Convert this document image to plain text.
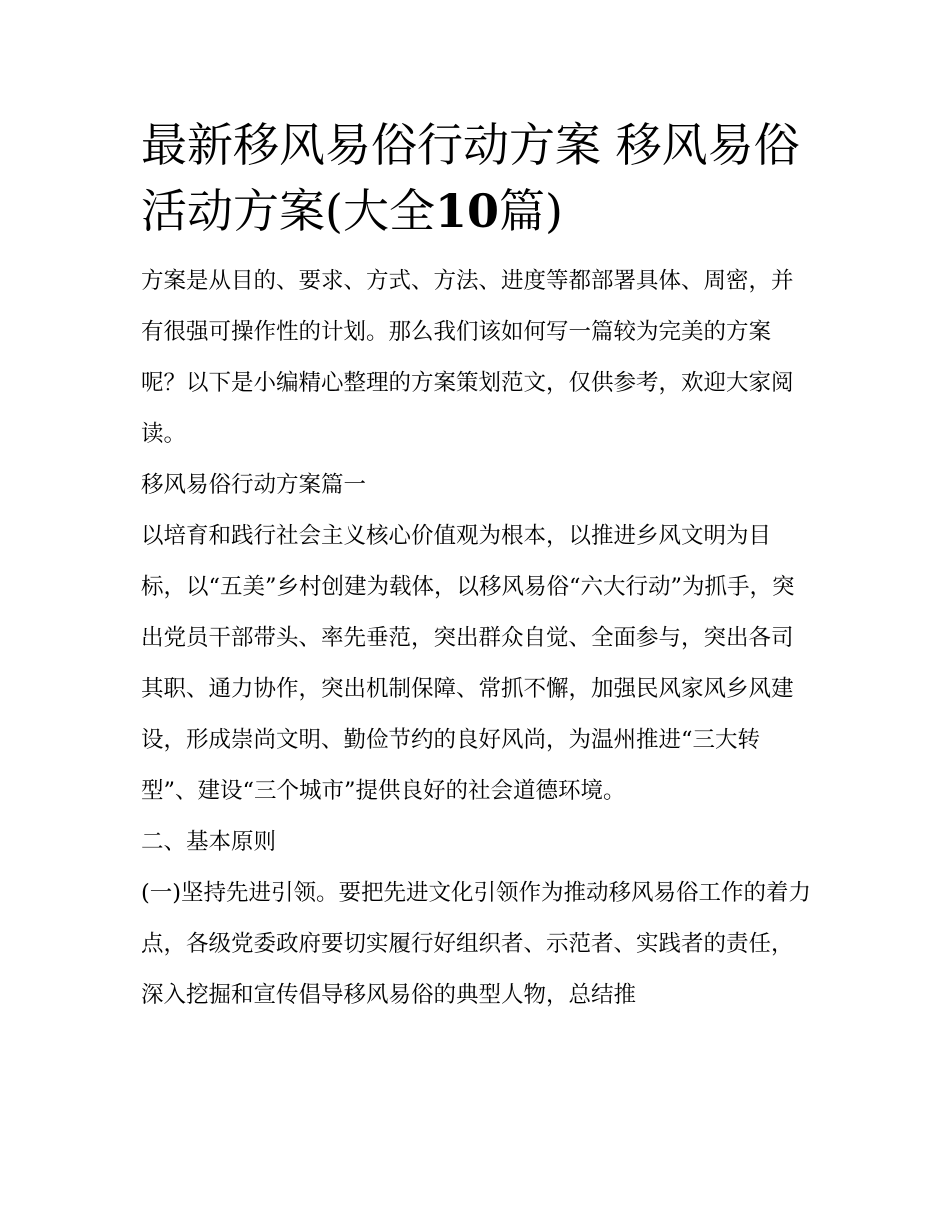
最新移风易俗行动方案 移风易俗活动方案(大全10篇)

方案是从目的、要求、方式、方法、进度等都部署具体、周密，并有很强可操作性的计划。那么我们该如何写一篇较为完美的方案呢？以下是小编精心整理的方案策划范文，仅供参考，欢迎大家阅读。

移风易俗行动方案篇一

以培育和践行社会主义核心价值观为根本，以推进乡风文明为目标，以“五美”乡村创建为载体，以移风易俗“六大行动”为抓手，突出党员干部带头、率先垂范，突出群众自觉、全面参与，突出各司其职、通力协作，突出机制保障、常抓不懈，加强民风家风乡风建设，形成崇尚文明、勤俭节约的良好风尚，为温州推进“三大转型”、建设“三个城市”提供良好的社会道德环境。

二、基本原则

(一)坚持先进引领。要把先进文化引领作为推动移风易俗工作的着力点，各级党委政府要切实履行好组织者、示范者、实践者的责任，深入挖掘和宣传倡导移风易俗的典型人物，总结推
